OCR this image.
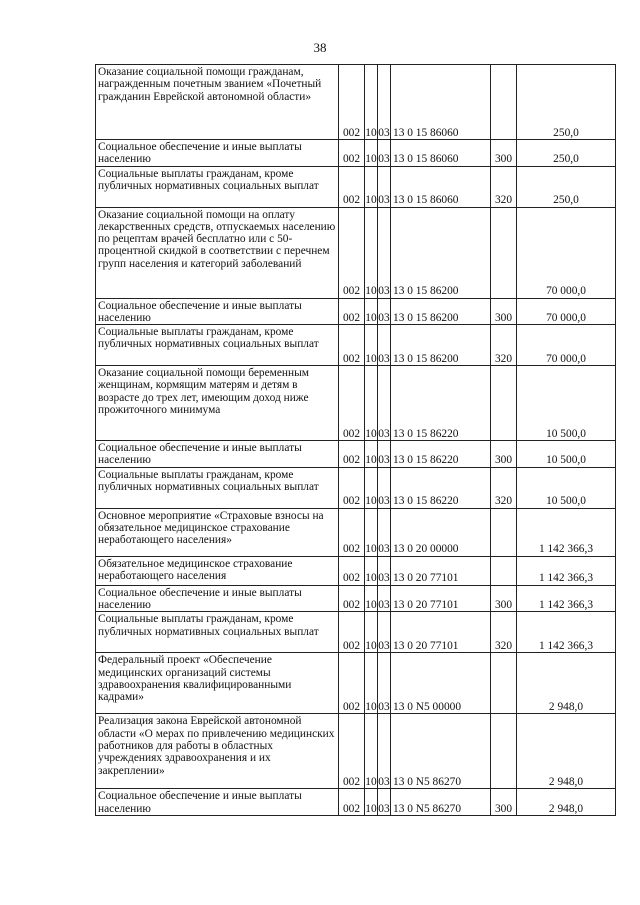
38
Оказание социальной помощи гражданам, награжденным почетным званием «Почетный гражданин Еврейской автономной области»	002	10	03	13 0 15 86060		250,0
Социальное обеспечение и иные выплаты населению	002	10	03	13 0 15 86060	300	250,0
Социальные выплаты гражданам, кроме публичных нормативных социальных выплат	002	10	03	13 0 15 86060	320	250,0
Оказание социальной помощи на оплату лекарственных средств, отпускаемых населению по рецептам врачей бесплатно или с 50-процентной скидкой в соответствии с перечнем групп населения и категорий заболеваний	002	10	03	13 0 15 86200		70 000,0
Социальное обеспечение и иные выплаты населению	002	10	03	13 0 15 86200	300	70 000,0
Социальные выплаты гражданам, кроме публичных нормативных социальных выплат	002	10	03	13 0 15 86200	320	70 000,0
Оказание социальной помощи беременным женщинам, кормящим матерям и детям в возрасте до трех лет, имеющим доход ниже прожиточного минимума	002	10	03	13 0 15 86220		10 500,0
Социальное обеспечение и иные выплаты населению	002	10	03	13 0 15 86220	300	10 500,0
Социальные выплаты гражданам, кроме публичных нормативных социальных выплат	002	10	03	13 0 15 86220	320	10 500,0
Основное мероприятие «Страховые взносы на обязательное медицинское страхование неработающего населения»	002	10	03	13 0 20 00000		1 142 366,3
Обязательное медицинское страхование неработающего населения	002	10	03	13 0 20 77101		1 142 366,3
Социальное обеспечение и иные выплаты населению	002	10	03	13 0 20 77101	300	1 142 366,3
Социальные выплаты гражданам, кроме публичных нормативных социальных выплат	002	10	03	13 0 20 77101	320	1 142 366,3
Федеральный проект «Обеспечение медицинских организаций системы здравоохранения квалифицированными кадрами»	002	10	03	13 0 N5 00000		2 948,0
Реализация закона Еврейской автономной области «О мерах по привлечению медицинских работников для работы в областных учреждениях здравоохранения и их закреплении»	002	10	03	13 0 N5 86270		2 948,0
Социальное обеспечение и иные выплаты населению	002	10	03	13 0 N5 86270	300	2 948,0
